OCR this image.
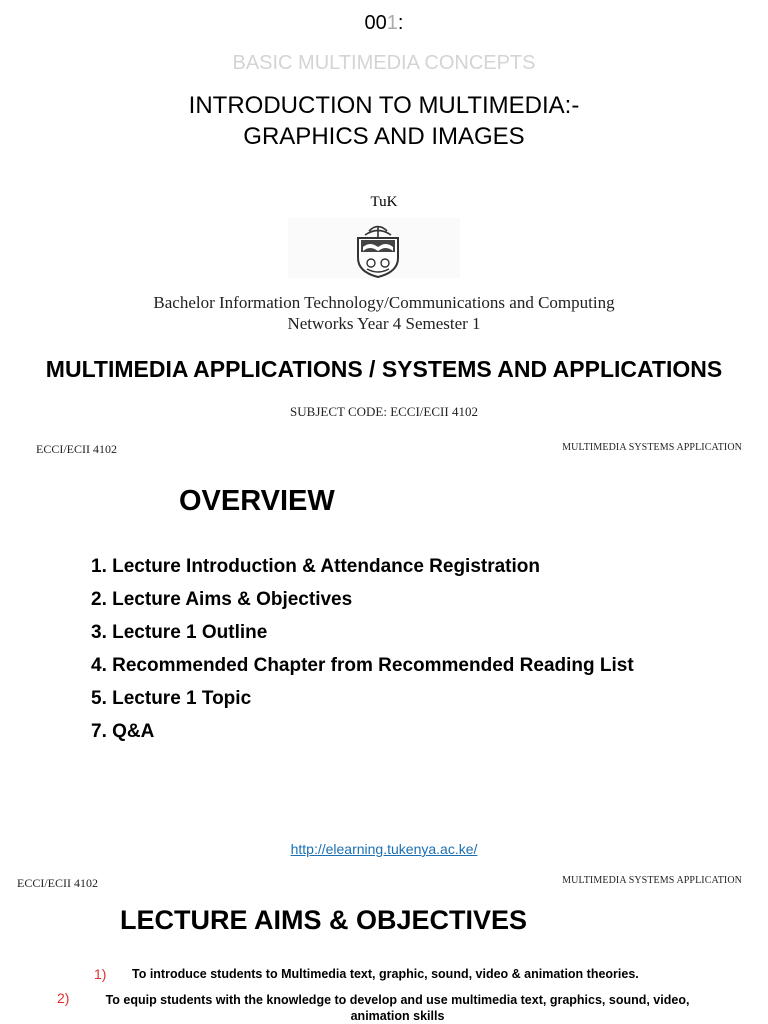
001:
BASIC MULTIMEDIA CONCEPTS
INTRODUCTION TO MULTIMEDIA:-
GRAPHICS AND IMAGES
TuK
Bachelor Information Technology/Communications and Computing
Networks Year 4 Semester 1
MULTIMEDIA APPLICATIONS / SYSTEMS AND APPLICATIONS
SUBJECT CODE: ECCI/ECII 4102
ECCI/ECII 4102	MULTIMEDIA SYSTEMS APPLICATION
OVERVIEW
1. Lecture Introduction & Attendance Registration
2. Lecture Aims & Objectives
3. Lecture 1 Outline
4. Recommended Chapter from Recommended Reading List
5. Lecture 1 Topic
7. Q&A
http://elearning.tukenya.ac.ke/
ECCI/ECII 4102	MULTIMEDIA SYSTEMS APPLICATION
LECTURE AIMS & OBJECTIVES
1) To introduce students to Multimedia text, graphic, sound, video & animation theories.
2)	To equip students with the knowledge to develop and use multimedia text, graphics, sound, video, animation skills
